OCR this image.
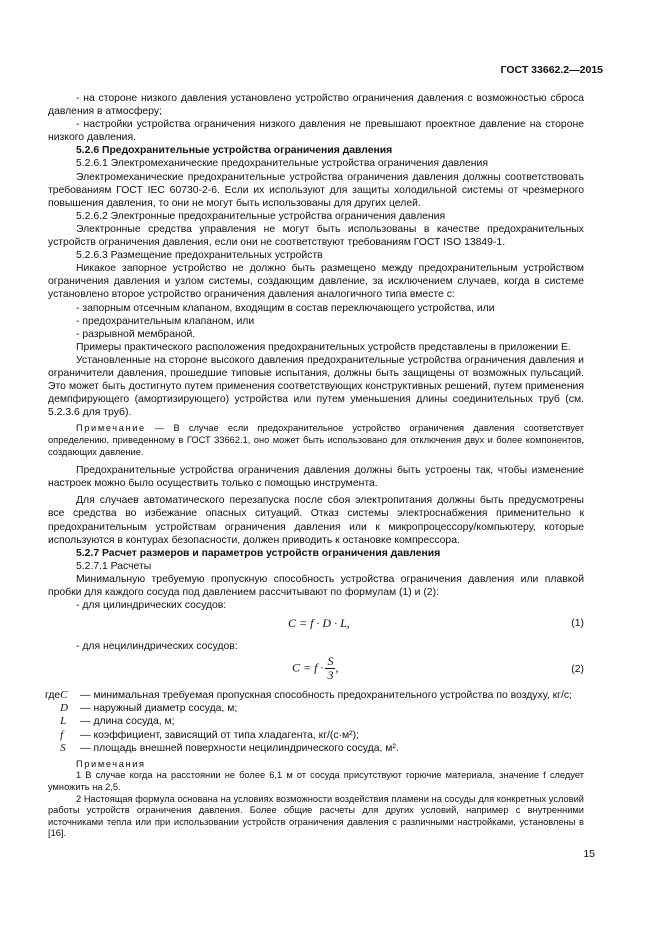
ГОСТ 33662.2—2015

- на стороне низкого давления установлено устройство ограничения давления с возможностью сброса давления в атмосферу;

- настройки устройства ограничения низкого давления не превышают проектное давление на стороне низкого давления.

5.2.6 Предохранительные устройства ограничения давления

5.2.6.1 Электромеханические предохранительные устройства ограничения давления

Электромеханические предохранительные устройства ограничения давления должны соответствовать требованиям ГОСТ IEC 60730-2-6. Если их используют для защиты холодильной системы от чрезмерного повышения давления, то они не могут быть использованы для других целей.

5.2.6.2 Электронные предохранительные устройства ограничения давления

Электронные средства управления не могут быть использованы в качестве предохранительных устройств ограничения давления, если они не соответствуют требованиям ГОСТ ISO 13849-1.

5.2.6.3 Размещение предохранительных устройств

Никакое запорное устройство не должно быть размещено между предохранительным устройством ограничения давления и узлом системы, создающим давление, за исключением случаев, когда в системе установлено второе устройство ограничения давления аналогичного типа вместе с:

- запорным отсечным клапаном, входящим в состав переключающего устройства, или

- предохранительным клапаном, или

- разрывной мембраной.

Примеры практического расположения предохранительных устройств представлены в приложении Е.

Установленные на стороне высокого давления предохранительные устройства ограничения давления и ограничители давления, прошедшие типовые испытания, должны быть защищены от возможных пульсаций. Это может быть достигнуто путем применения соответствующих конструктивных решений, путем применения демпфирующего (амортизирующего) устройства или путем уменьшения длины соединительных труб (см. 5.2.3.6 для труб).

Примечание — В случае если предохранительное устройство ограничения давления соответствует определению, приведенному в ГОСТ 33662.1, оно может быть использовано для отключения двух и более компонентов, создающих давление.

Предохранительные устройства ограничения давления должны быть устроены так, чтобы изменение настроек можно было осуществить только с помощью инструмента.

Для случаев автоматического перезапуска после сбоя электропитания должны быть предусмотрены все средства во избежание опасных ситуаций. Отказ системы электроснабжения применительно к предохранительным устройствам ограничения давления или к микропроцессору/компьютеру, которые используются в контурах безопасности, должен приводить к остановке компрессора.

5.2.7 Расчет размеров и параметров устройств ограничения давления

5.2.7.1 Расчеты

Минимальную требуемую пропускную способность устройства ограничения давления или плавкой пробки для каждого сосуда под давлением рассчитывают по формулам (1) и (2):

- для цилиндрических сосудов:

C = f · D · L,	(1)

- для нецилиндрических сосудов:

$C = f \cdot \frac{S}{3}$ ,	(2)
где	C	— минимальная требуемая пропускная способность предохранительного устройства по воздуху, кг/с;
	D	— наружный диаметр сосуда, м;
	L	— длина сосуда, м;
	f	— коэффициент, зависящий от типа хладагента, кг/(с·м²);
	S	— площадь внешней поверхности нецилиндрического сосуда, м².

Примечания

1 В случае когда на расстоянии не более 6,1 м от сосуда присутствуют горючие материала, значение f следует умножить на 2,5.

2 Настоящая формула основана на условиях возможности воздействия пламени на сосуды для конкретных условий работы устройств ограничения давления. Более общие расчеты для других условий, например с внутренними источниками тепла или при использовании устройств ограничения давления с различными настройками, установлены в [16].

15
